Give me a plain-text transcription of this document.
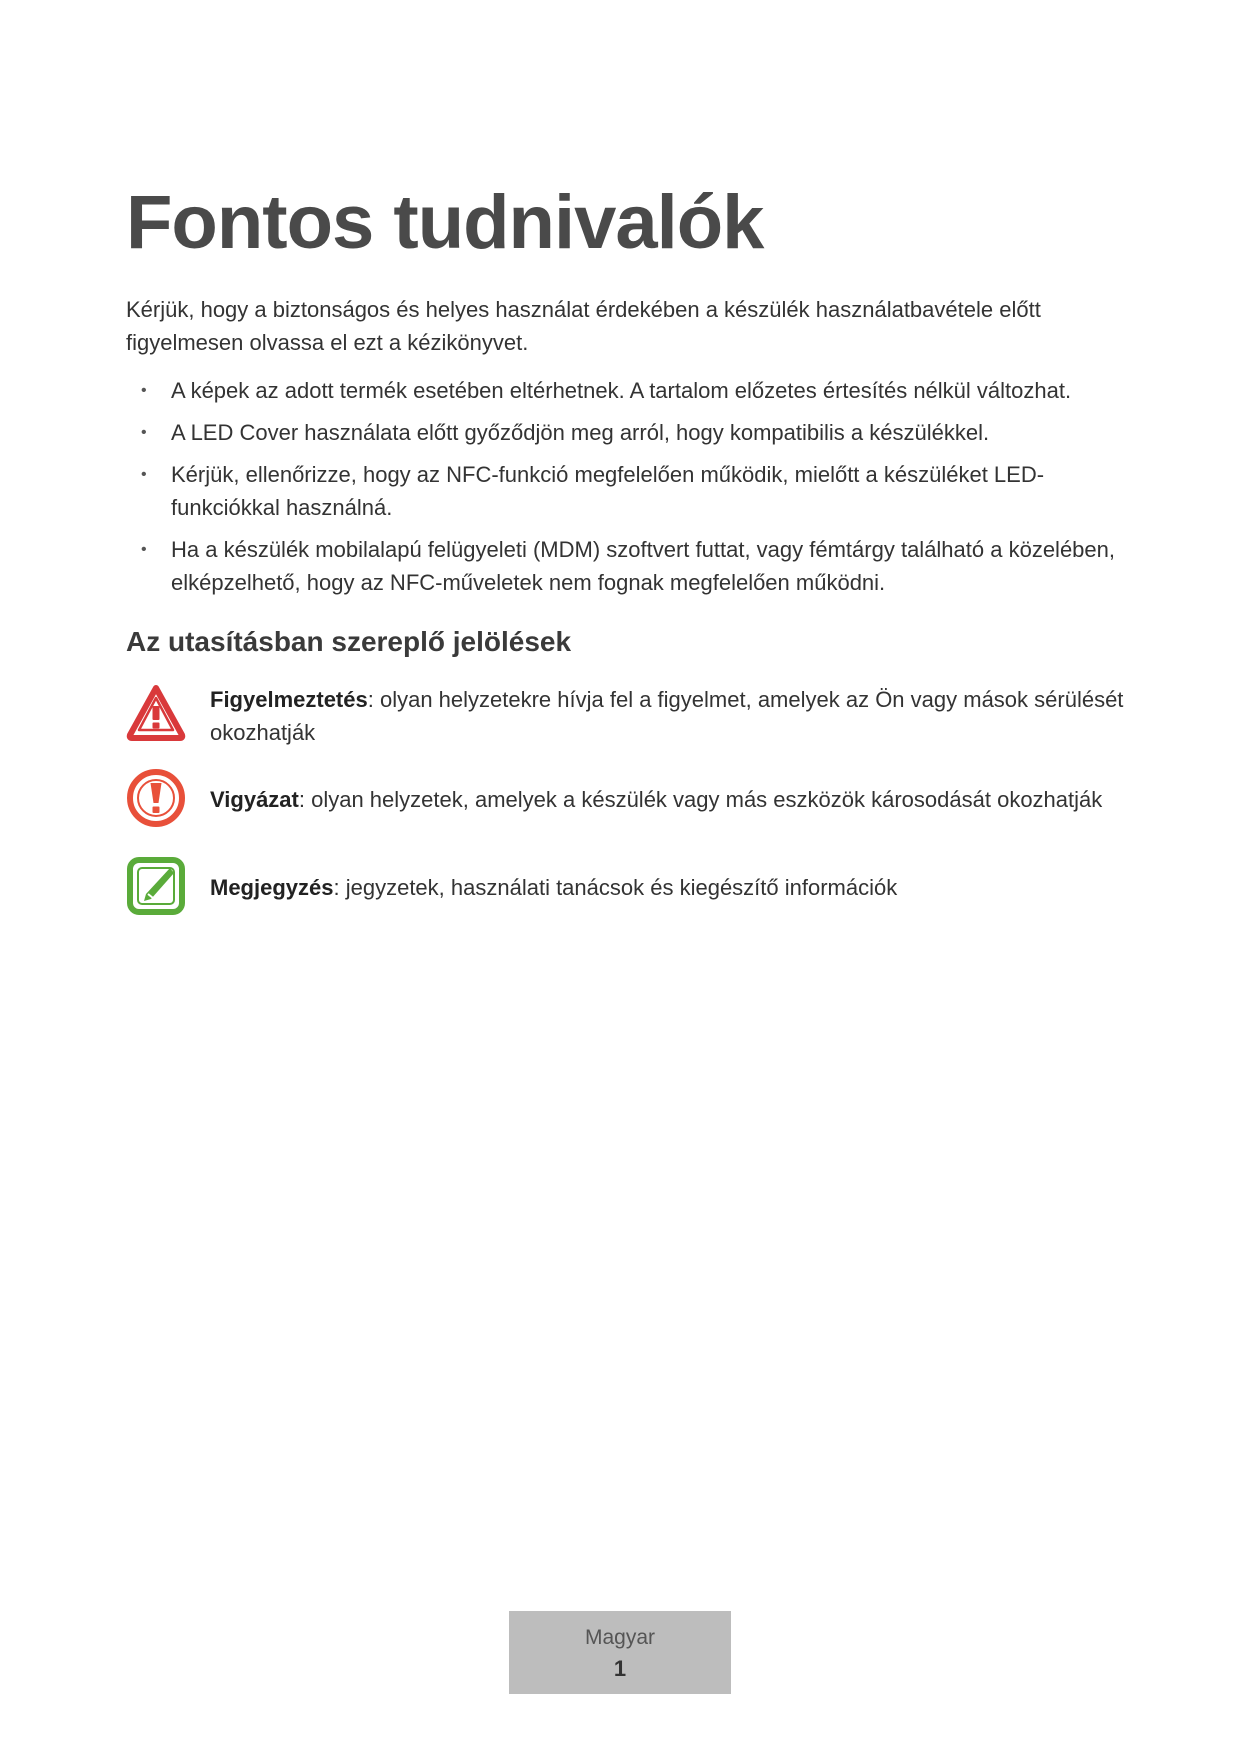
Fontos tudnivalók

Kérjük, hogy a biztonságos és helyes használat érdekében a készülék használatbavétele előtt figyelmesen olvassa el ezt a kézikönyvet.

• A képek az adott termék esetében eltérhetnek. A tartalom előzetes értesítés nélkül változhat.
• A LED Cover használata előtt győződjön meg arról, hogy kompatibilis a készülékkel.
• Kérjük, ellenőrizze, hogy az NFC-funkció megfelelően működik, mielőtt a készüléket LED-funkciókkal használná.
• Ha a készülék mobilalapú felügyeleti (MDM) szoftvert futtat, vagy fémtárgy található a közelében, elképzelhető, hogy az NFC-műveletek nem fognak megfelelően működni.
Az utasításban szereplő jelölések
Figyelmeztetés: olyan helyzetekre hívja fel a figyelmet, amelyek az Ön vagy mások sérülését okozhatják
Vigyázat: olyan helyzetek, amelyek a készülék vagy más eszközök károsodását okozhatják
Megjegyzés: jegyzetek, használati tanácsok és kiegészítő információk
Magyar
1
